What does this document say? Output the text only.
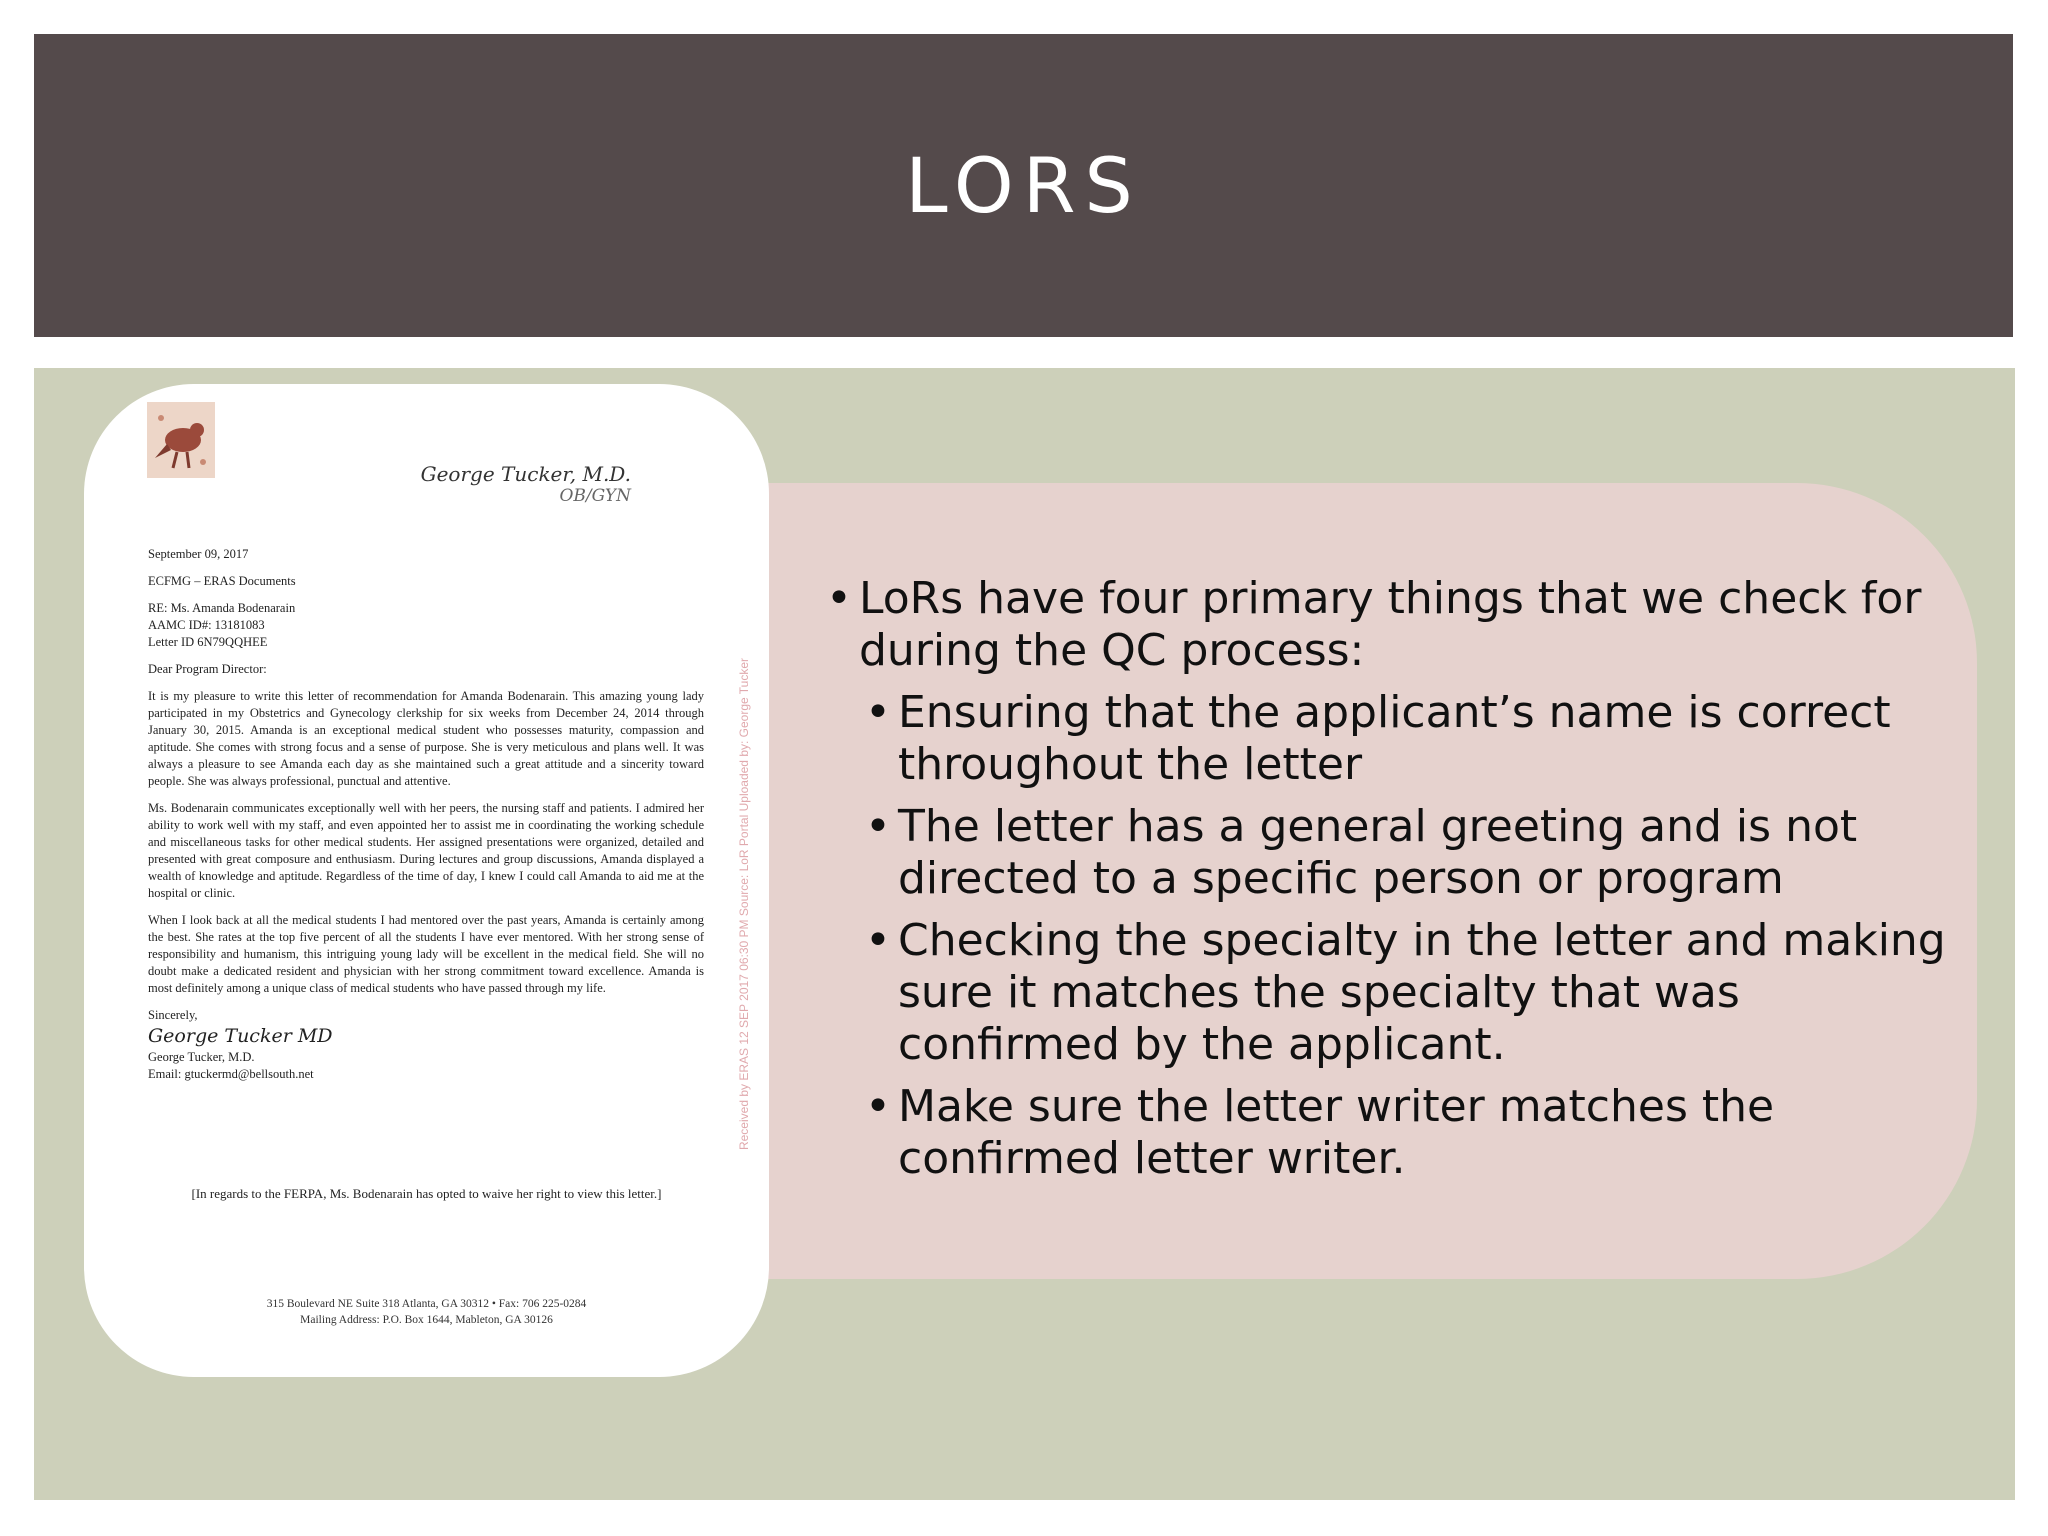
LORS
• LoRs have four primary things that we check for during the QC process:
• Ensuring that the applicant’s name is correct throughout the letter
• The letter has a general greeting and is not directed to a specific person or program
• Checking the specialty in the letter and making sure it matches the specialty that was confirmed by the applicant.
• Make sure the letter writer matches the confirmed letter writer.
George Tucker, M.D.
OB/GYN

September 09, 2017

ECFMG – ERAS Documents

RE: Ms. Amanda Bodenarain

AAMC ID#: 13181083

Letter ID 6N79QQHEE

Dear Program Director:

It is my pleasure to write this letter of recommendation for Amanda Bodenarain. This amazing young lady participated in my Obstetrics and Gynecology clerkship for six weeks from December 24, 2014 through January 30, 2015. Amanda is an exceptional medical student who possesses maturity, compassion and aptitude. She comes with strong focus and a sense of purpose. She is very meticulous and plans well. It was always a pleasure to see Amanda each day as she maintained such a great attitude and a sincerity toward people. She was always professional, punctual and attentive.

Ms. Bodenarain communicates exceptionally well with her peers, the nursing staff and patients. I admired her ability to work well with my staff, and even appointed her to assist me in coordinating the working schedule and miscellaneous tasks for other medical students. Her assigned presentations were organized, detailed and presented with great composure and enthusiasm. During lectures and group discussions, Amanda displayed a wealth of knowledge and aptitude. Regardless of the time of day, I knew I could call Amanda to aid me at the hospital or clinic.

When I look back at all the medical students I had mentored over the past years, Amanda is certainly among the best. She rates at the top five percent of all the students I have ever mentored. With her strong sense of responsibility and humanism, this intriguing young lady will be excellent in the medical field. She will no doubt make a dedicated resident and physician with her strong commitment toward excellence. Amanda is most definitely among a unique class of medical students who have passed through my life.

Sincerely,

George Tucker MD

George Tucker, M.D.

Email: gtuckermd@bellsouth.net

[In regards to the FERPA, Ms. Bodenarain has opted to waive her right to view this letter.]
315 Boulevard NE Suite 318 Atlanta, GA 30312 • Fax: 706 225-0284
Mailing Address: P.O. Box 1644, Mableton, GA 30126
Received by ERAS 12 SEP 2017 06:30 PM Source: LoR Portal Uploaded by: George Tucker
